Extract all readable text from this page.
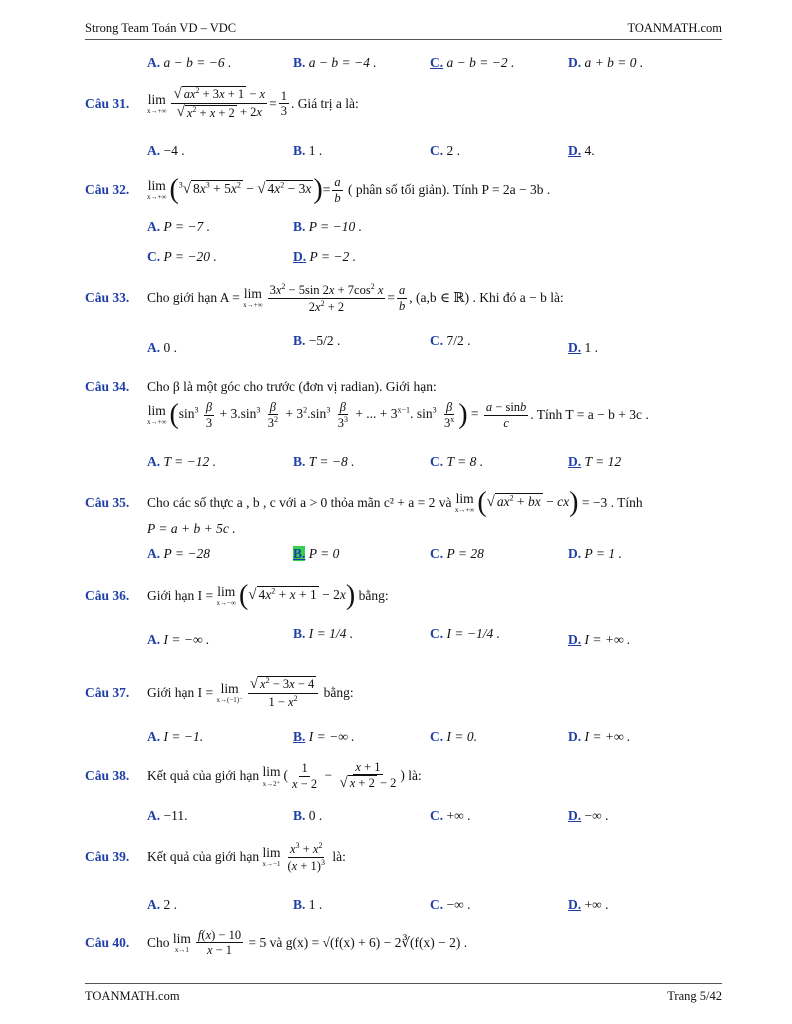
Strong Team Toán VD – VDC	TOANMATH.com
A. a − b = −6 .	B. a − b = −4 .	C. a − b = −2 .	D. a + b = 0 .
Câu 31.	lim
$x\to+\infty \frac{√ ax^2 + 3x + 1 - x}{√ x^2 + x + 2 + 2x} = \frac{1}{3}$ . Giá trị a là:
A. −4 .	B. 1 .	C. 2 .	D. 4.
Câu 32.	lim
x→+∞ ($^3$√ $8x^3 + 5x^2$ − √ $4x^2 - 3x) = \frac{a}{b}$
( phân số tối giản). Tính P = 2a − 3b .
A. P = −7 .	B. P = −10 .
C. P = −20 .	D. P = −2 .
Câu 33.	Cho giới hạn A =
lim
$x\to+\infty \frac{3x^2 - 5\sin 2x + 7\cos^2 x}{2x^2 + 2} = \frac{a}{b}$ , (a,b ∈ ℝ) . Khi đó a − b là:
A. 0 .	B. −5/2 .	C. 7/2 .	D. 1 .
Câu 34.	Cho β là một góc cho trước (đơn vị radian). Giới hạn:
lim
x→+∞ ($\sin^3 \frac{\beta}{3} + 3.\sin^3 \frac{\beta}{3^2} + 3^2.\sin^3 \frac{\beta}{3^3}$ + ... + $3^{x-1}$. $\sin^3 \frac{\beta}{3^x}$ ) = $\frac{a - \sin b}{c}$ . Tính T = a − b + 3c .
A. T = −12 .	B. T = −8 .	C. T = 8 .	D. T = 12
Câu 35.	Cho các số thực a , b , c với a > 0 thỏa mãn c² + a = 2 và
lim
x→+∞ (√ $ax^2$ + bx − cx)
= −3 . Tính
P = a + b + 5c .
A. P = −28	B. P = 0	C. P = 28	D. P = 1 .
Câu 36.	Giới hạn I =
lim
x→−∞ (√ $4x^2 + x + 1 - 2x$)
bằng:
A. I = −∞ .	B. I = 1/4 .	C. I = −1/4 .	D. I = +∞ .
Câu 37.	Giới hạn I =
lim
$x\to(-1)^- \frac{√ x^2 - 3x - 4}{1 - x^2}$
bằng:
A. I = −1.	B. I = −∞ .	C. I = 0.	D. I = +∞ .
Câu 38.	Kết quả của giới hạn
lim
x→2⁺
( $\frac{1}{x - 2} - \frac{x + 1}{√ x + 2 - 2}$ )
là:
A. −11.	B. 0 .	C. +∞ .	D. −∞ .
Câu 39.	Kết quả của giới hạn
lim
$x\to-1 \frac{x^3 + x^2}{(x + 1)^3}$
là:
A. 2 .	B. 1 .	C. −∞ .	D. +∞ .
Câu 40.	Cho
lim
$x\to 1 \frac{f(x) - 10}{x - 1}$
= 5 và g(x) = √(f(x) + 6) − 2∛(f(x) − 2) .
TOANMATH.com	Trang 5/42
